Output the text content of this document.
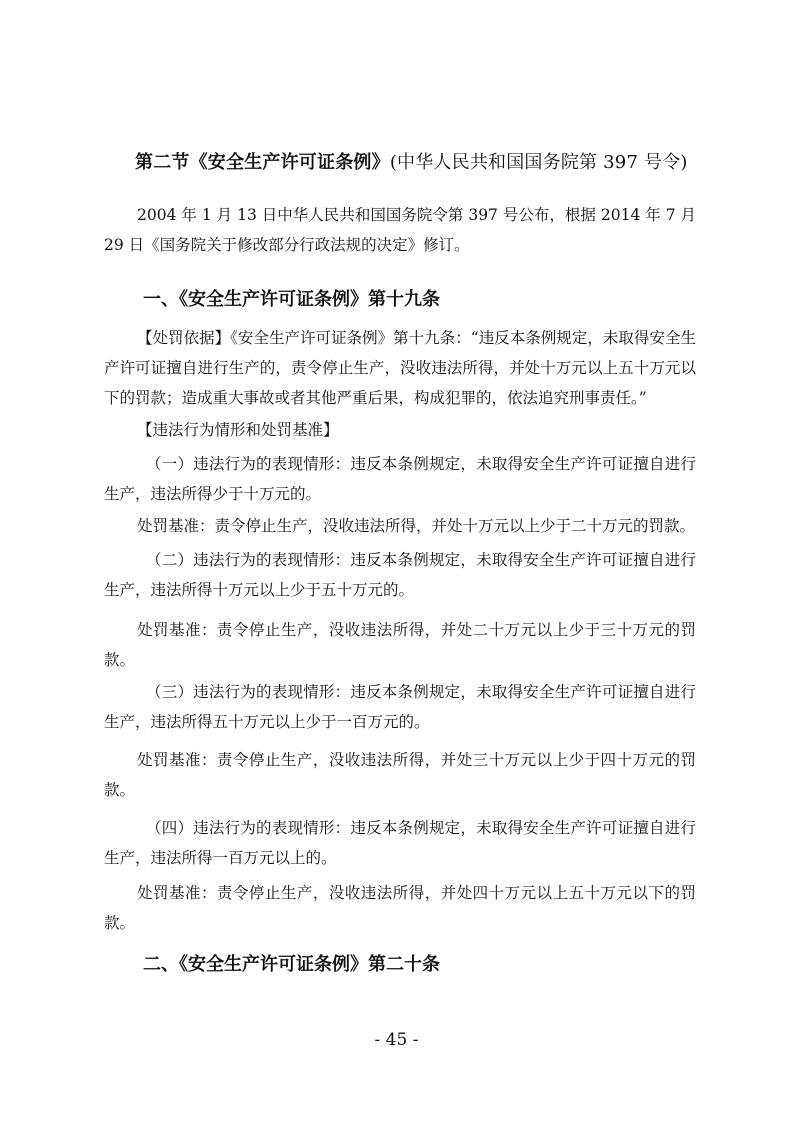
第二节《安全生产许可证条例》(中华人民共和国国务院第 397 号令)

2004 年 1 月 13 日中华人民共和国国务院令第 397 号公布，根据 2014 年 7 月 29 日《国务院关于修改部分行政法规的决定》修订。

一、《安全生产许可证条例》第十九条

【处罚依据】《安全生产许可证条例》第十九条：“违反本条例规定，未取得安全生产许可证擅自进行生产的，责令停止生产，没收违法所得，并处十万元以上五十万元以下的罚款；造成重大事故或者其他严重后果，构成犯罪的，依法追究刑事责任。”

【违法行为情形和处罚基准】

（一）违法行为的表现情形：违反本条例规定，未取得安全生产许可证擅自进行生产，违法所得少于十万元的。

处罚基准：责令停止生产，没收违法所得，并处十万元以上少于二十万元的罚款。

（二）违法行为的表现情形：违反本条例规定，未取得安全生产许可证擅自进行生产，违法所得十万元以上少于五十万元的。

处罚基准：责令停止生产，没收违法所得，并处二十万元以上少于三十万元的罚款。

（三）违法行为的表现情形：违反本条例规定，未取得安全生产许可证擅自进行生产，违法所得五十万元以上少于一百万元的。

处罚基准：责令停止生产，没收违法所得，并处三十万元以上少于四十万元的罚款。

（四）违法行为的表现情形：违反本条例规定，未取得安全生产许可证擅自进行生产，违法所得一百万元以上的。

处罚基准：责令停止生产，没收违法所得，并处四十万元以上五十万元以下的罚款。

二、《安全生产许可证条例》第二十条
- 45 -
